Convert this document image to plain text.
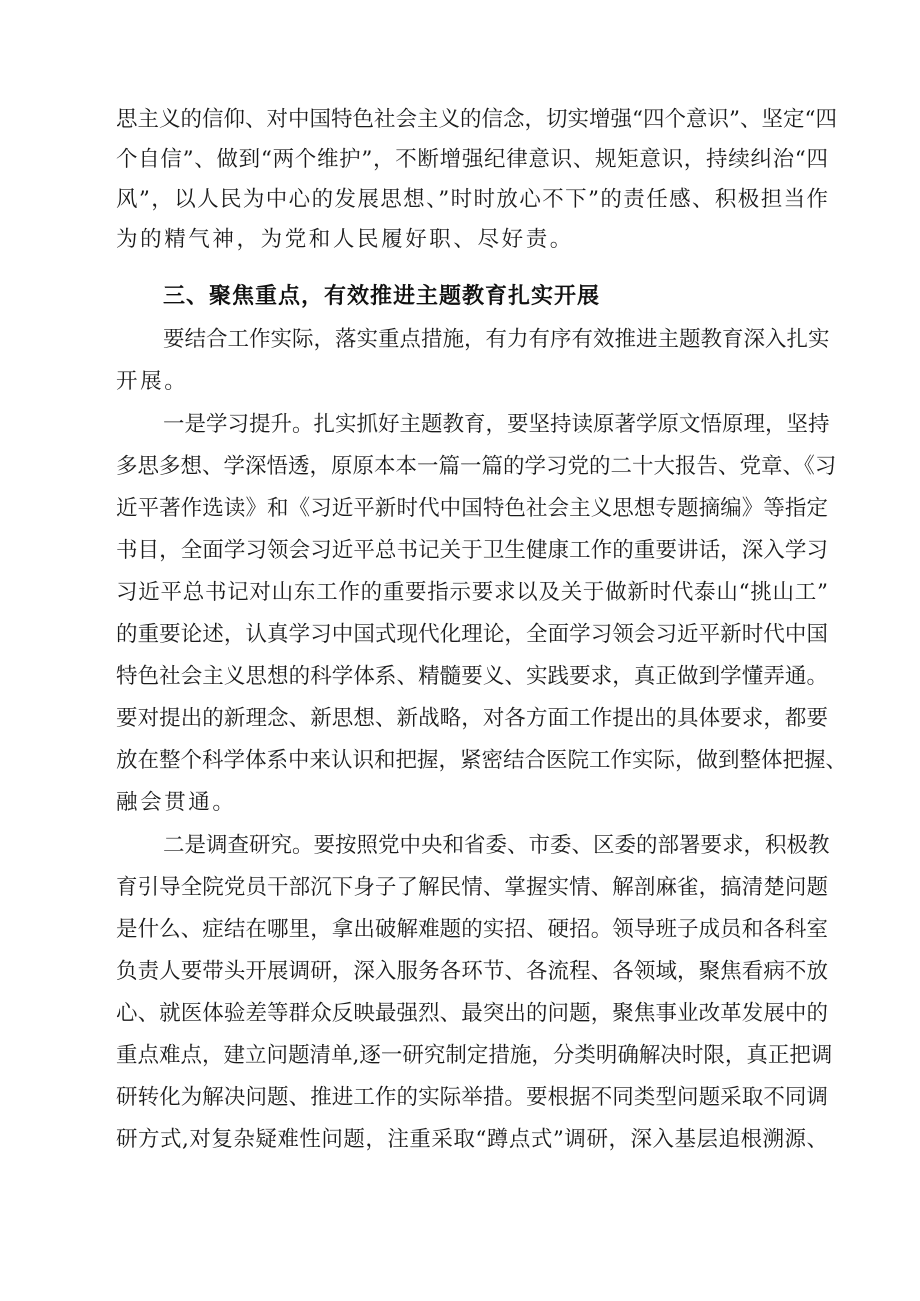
思主义的信仰、对中国特色社会主义的信念，切实增强“四个意识”、坚定“四
个自信”、做到“两个维护”，不断增强纪律意识、规矩意识，持续纠治“四
风”，以人民为中心的发展思想、”时时放心不下”的责任感、积极担当作
为的精气神，为党和人民履好职、尽好责。
三、聚焦重点，有效推进主题教育扎实开展
要结合工作实际，落实重点措施，有力有序有效推进主题教育深入扎实
开展。
一是学习提升。扎实抓好主题教育，要坚持读原著学原文悟原理，坚持
多思多想、学深悟透，原原本本一篇一篇的学习党的二十大报告、党章、《习
近平著作选读》和《习近平新时代中国特色社会主义思想专题摘编》等指定
书目，全面学习领会习近平总书记关于卫生健康工作的重要讲话，深入学习
习近平总书记对山东工作的重要指示要求以及关于做新时代泰山“挑山工”
的重要论述，认真学习中国式现代化理论，全面学习领会习近平新时代中国
特色社会主义思想的科学体系、精髓要义、实践要求，真正做到学懂弄通。
要对提出的新理念、新思想、新战略，对各方面工作提出的具体要求，都要
放在整个科学体系中来认识和把握，紧密结合医院工作实际，做到整体把握、
融会贯通。
二是调查研究。要按照党中央和省委、市委、区委的部署要求，积极教
育引导全院党员干部沉下身子了解民情、掌握实情、解剖麻雀，搞清楚问题
是什么、症结在哪里，拿出破解难题的实招、硬招。领导班子成员和各科室
负责人要带头开展调研，深入服务各环节、各流程、各领域，聚焦看病不放
心、就医体验差等群众反映最强烈、最突出的问题，聚焦事业改革发展中的
重点难点，建立问题清单,逐一研究制定措施，分类明确解决时限，真正把调
研转化为解决问题、推进工作的实际举措。要根据不同类型问题采取不同调
研方式,对复杂疑难性问题，注重采取“蹲点式”调研，深入基层追根溯源、
